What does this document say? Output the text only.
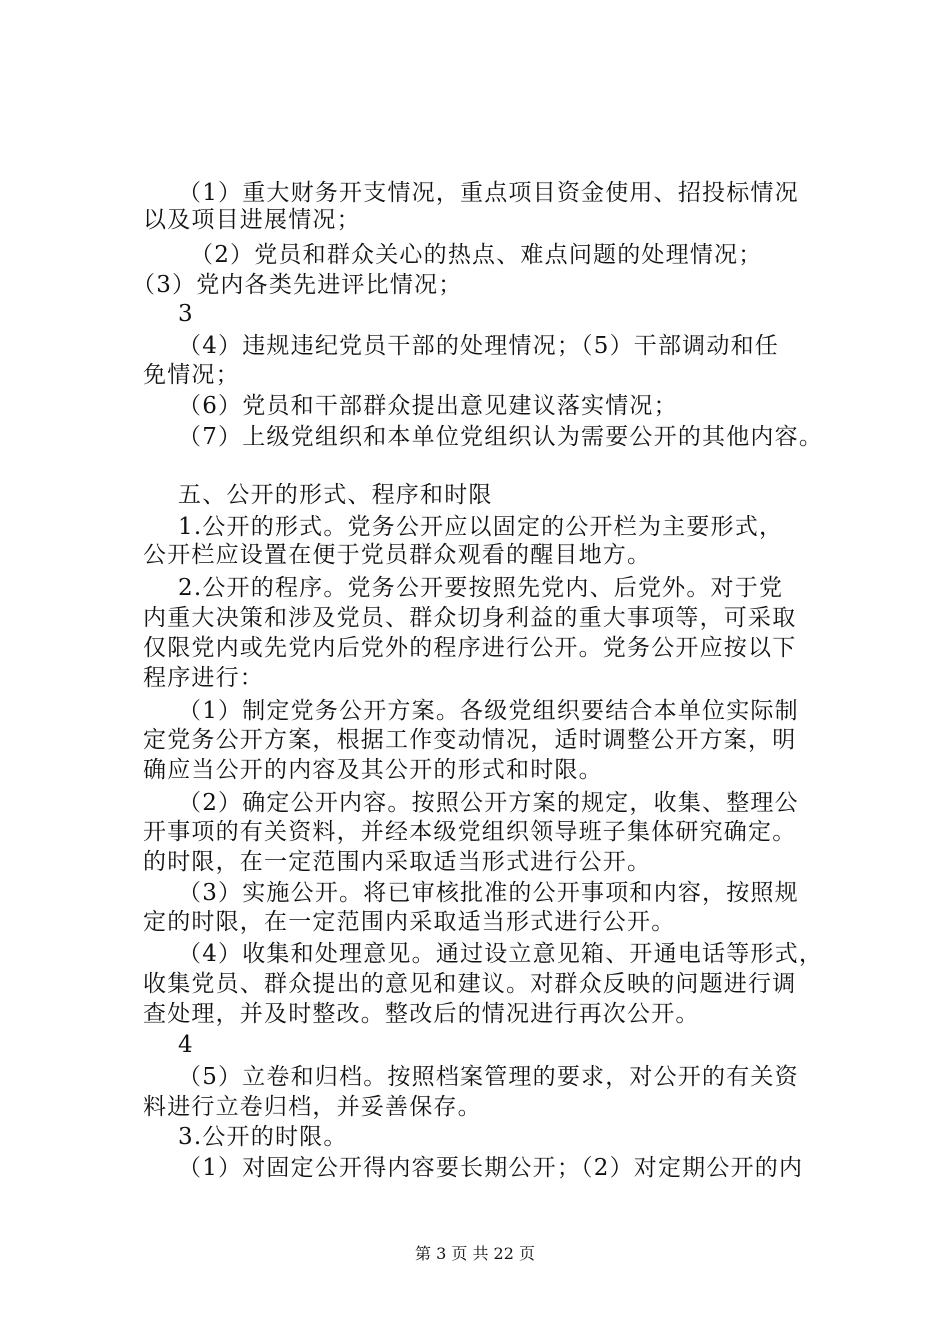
（1）重大财务开支情况，重点项目资金使用、招投标情况
以及项目进展情况；
（2）党员和群众关心的热点、难点问题的处理情况；
（3）党内各类先进评比情况；
3
（4）违规违纪党员干部的处理情况；（5）干部调动和任
免情况；
（6）党员和干部群众提出意见建议落实情况；
（7）上级党组织和本单位党组织认为需要公开的其他内容。
五、公开的形式、程序和时限
1.公开的形式。党务公开应以固定的公开栏为主要形式，
公开栏应设置在便于党员群众观看的醒目地方。
2.公开的程序。党务公开要按照先党内、后党外。对于党
内重大决策和涉及党员、群众切身利益的重大事项等，可采取
仅限党内或先党内后党外的程序进行公开。党务公开应按以下
程序进行：
（1）制定党务公开方案。各级党组织要结合本单位实际制
定党务公开方案，根据工作变动情况，适时调整公开方案，明
确应当公开的内容及其公开的形式和时限。
（2）确定公开内容。按照公开方案的规定，收集、整理公
开事项的有关资料，并经本级党组织领导班子集体研究确定。
的时限，在一定范围内采取适当形式进行公开。
（3）实施公开。将已审核批准的公开事项和内容，按照规
定的时限，在一定范围内采取适当形式进行公开。
（4）收集和处理意见。通过设立意见箱、开通电话等形式，
收集党员、群众提出的意见和建议。对群众反映的问题进行调
查处理，并及时整改。整改后的情况进行再次公开。
4
（5）立卷和归档。按照档案管理的要求，对公开的有关资
料进行立卷归档，并妥善保存。
3.公开的时限。
（1）对固定公开得内容要长期公开；（2）对定期公开的内
第 3 页 共 22 页
